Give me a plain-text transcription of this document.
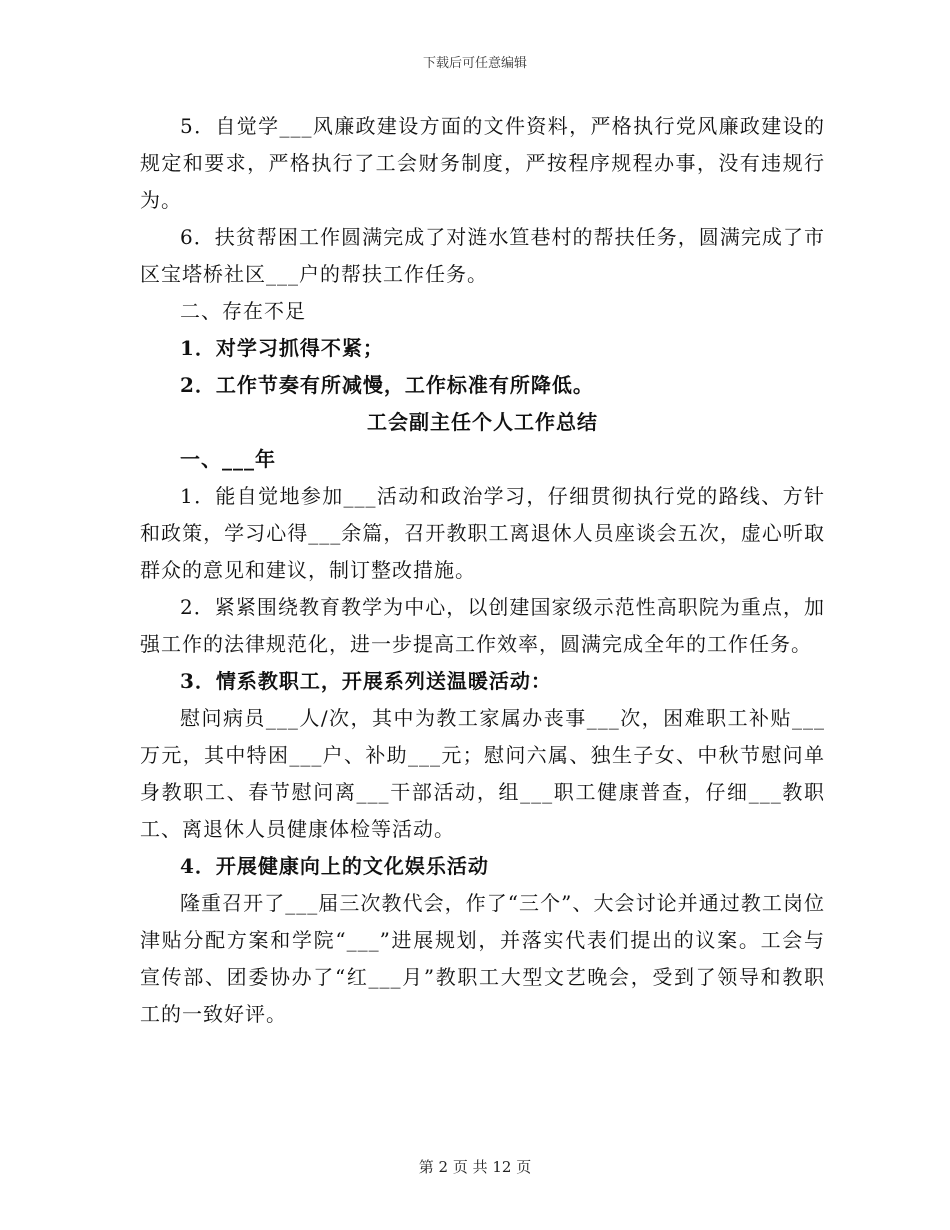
下载后可任意编辑

5．自觉学___风廉政建设方面的文件资料，严格执行党风廉政建设的规定和要求，严格执行了工会财务制度，严按程序规程办事，没有违规行为。

6．扶贫帮困工作圆满完成了对涟水笪巷村的帮扶任务，圆满完成了市区宝塔桥社区___户的帮扶工作任务。

二、存在不足

1．对学习抓得不紧；

2．工作节奏有所减慢，工作标准有所降低。

工会副主任个人工作总结

一、___年

1．能自觉地参加___活动和政治学习，仔细贯彻执行党的路线、方针和政策，学习心得___余篇，召开教职工离退休人员座谈会五次，虚心听取群众的意见和建议，制订整改措施。

2．紧紧围绕教育教学为中心，以创建国家级示范性高职院为重点，加强工作的法律规范化，进一步提高工作效率，圆满完成全年的工作任务。

3．情系教职工，开展系列送温暖活动：

慰问病员___人/次，其中为教工家属办丧事___次，困难职工补贴___万元，其中特困___户、补助___元；慰问六属、独生子女、中秋节慰问单身教职工、春节慰问离___干部活动，组___职工健康普查，仔细___教职工、离退休人员健康体检等活动。

4．开展健康向上的文化娱乐活动

隆重召开了___届三次教代会，作了“三个”、大会讨论并通过教工岗位津贴分配方案和学院“___”进展规划，并落实代表们提出的议案。工会与宣传部、团委协办了“红___月”教职工大型文艺晚会，受到了领导和教职工的一致好评。

第 2 页 共 12 页
